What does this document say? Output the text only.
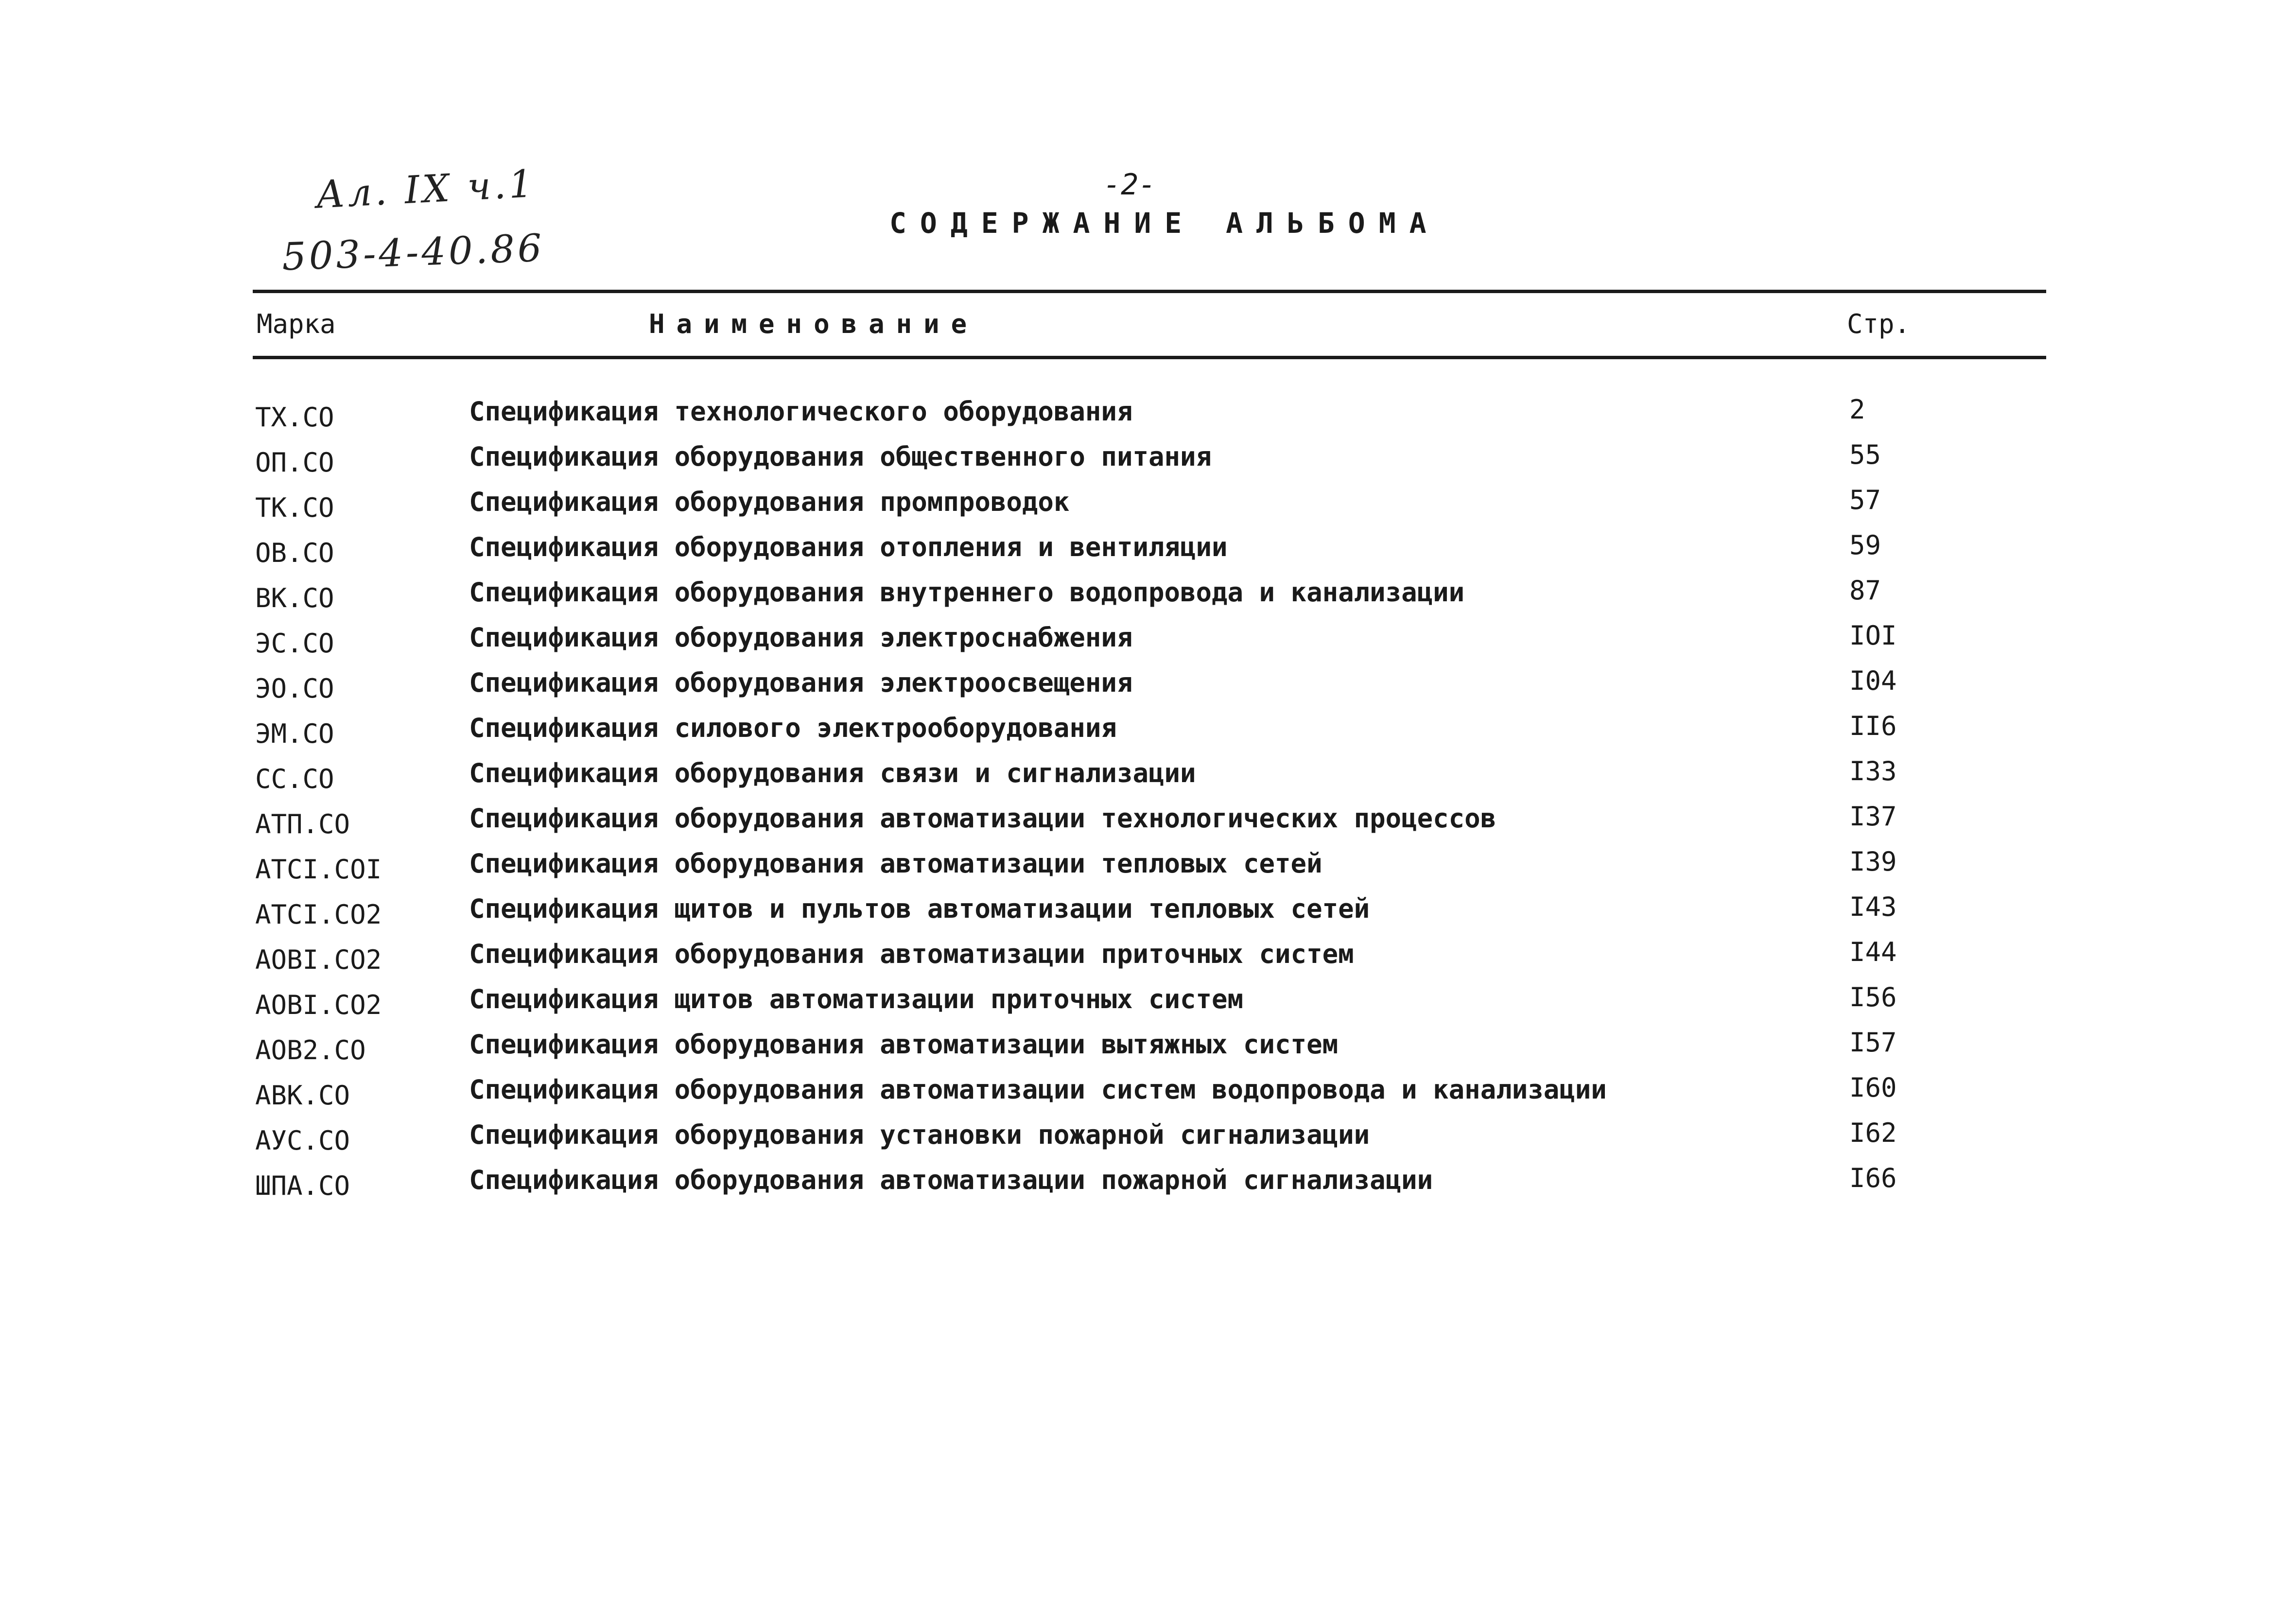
Ал. IX ч.1
503-4-40.86
-2-
СОДЕРЖАНИЕ АЛЬБОМА
Марка	Наименование	Стр.
ТХ.СО	Спецификация технологического оборудования	2
ОП.СО	Спецификация оборудования общественного питания	55
ТК.СО	Спецификация оборудования промпроводок	57
ОВ.СО	Спецификация оборудования отопления и вентиляции	59
ВК.СО	Спецификация оборудования внутреннего водопровода и канализации	87
ЭС.СО	Спецификация оборудования электроснабжения	IOI
ЭО.СО	Спецификация оборудования электроосвещения	I04
ЭМ.СО	Спецификация силового электрооборудования	II6
СС.СО	Спецификация оборудования связи и сигнализации	I33
АТП.СО	Спецификация оборудования автоматизации технологических процессов	I37
АТСI.СОI	Спецификация оборудования автоматизации тепловых сетей	I39
АТСI.СО2	Спецификация щитов и пультов автоматизации тепловых сетей	I43
АОВI.СО2	Спецификация оборудования автоматизации приточных систем	I44
АОВI.СО2	Спецификация щитов автоматизации приточных систем	I56
АОВ2.СО	Спецификация оборудования автоматизации вытяжных систем	I57
АВК.СО	Спецификация оборудования автоматизации систем водопровода и канализации	I60
АУС.СО	Спецификация оборудования установки пожарной сигнализации	I62
ШПА.СО	Спецификация оборудования автоматизации пожарной сигнализации	I66
